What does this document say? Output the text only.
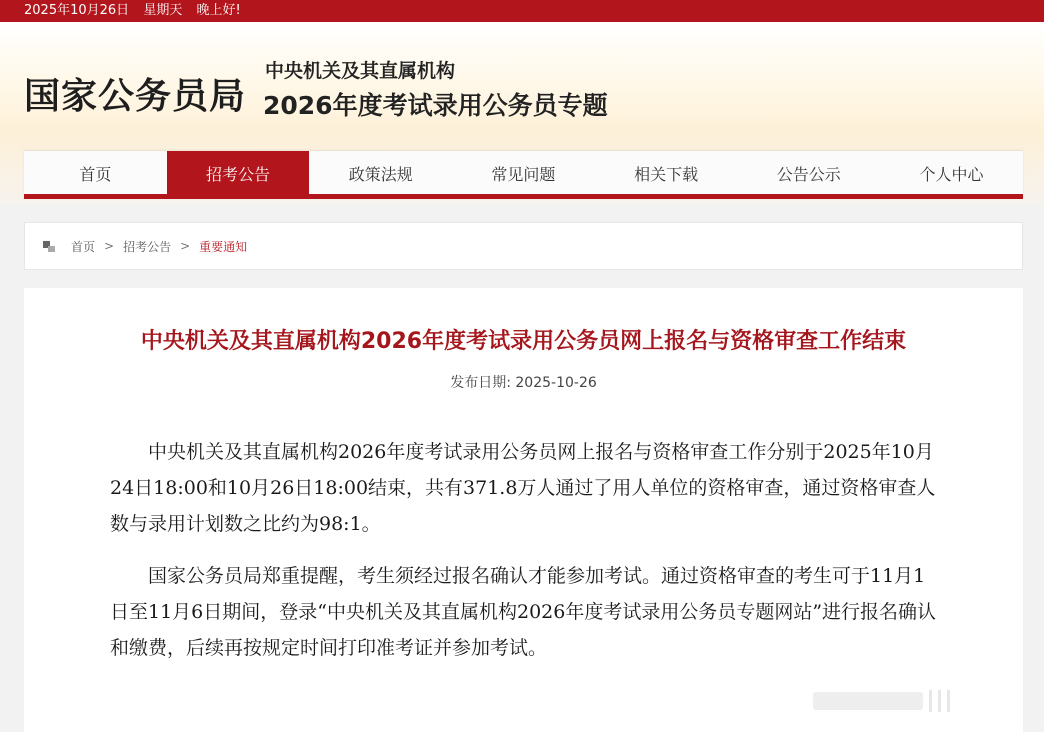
2025年10月26日 星期天 晚上好!
国家公务员局
中央机关及其直属机构
2026年度考试录用公务员专题
首页	招考公告	政策法规	常见问题	相关下载	公告公示	个人中心
首页 > 招考公告 > 重要通知
中央机关及其直属机构2026年度考试录用公务员网上报名与资格审查工作结束
发布日期: 2025-10-26

中央机关及其直属机构2026年度考试录用公务员网上报名与资格审查工作分别于2025年10月24日18:00和10月26日18:00结束，共有371.8万人通过了用人单位的资格审查，通过资格审查人数与录用计划数之比约为98:1。

国家公务员局郑重提醒，考生须经过报名确认才能参加考试。通过资格审查的考生可于11月1日至11月6日期间，登录“中央机关及其直属机构2026年度考试录用公务员专题网站”进行报名确认和缴费，后续再按规定时间打印准考证并参加考试。
